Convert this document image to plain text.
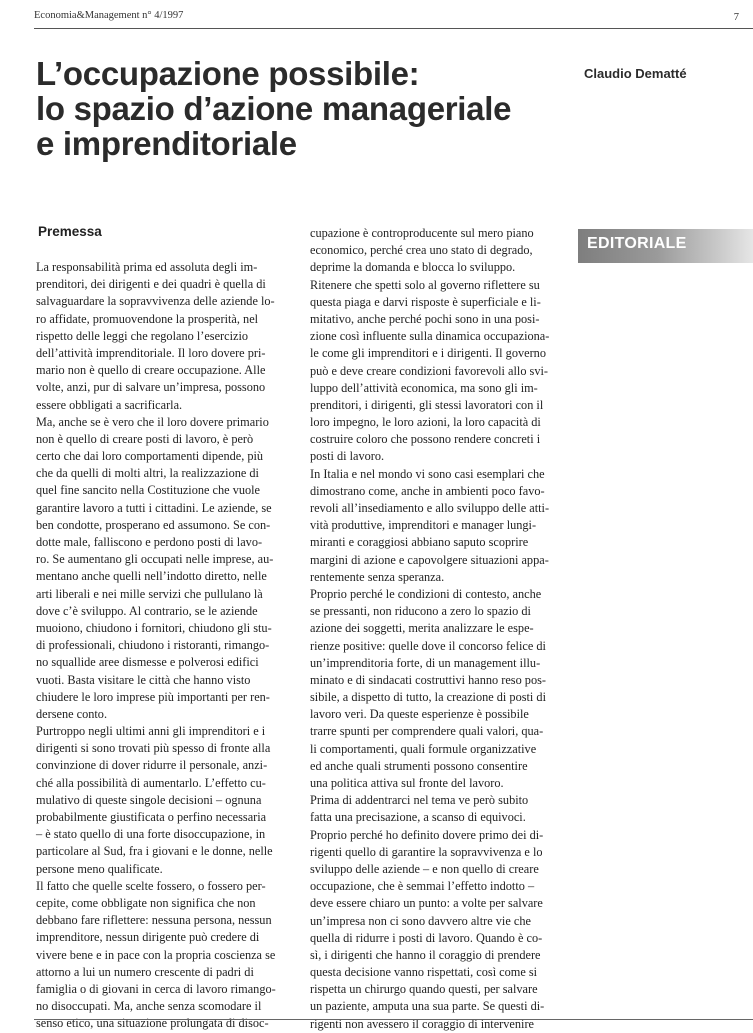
Economia&Management n° 4/1997	7
L’occupazione possibile:
lo spazio d’azione manageriale
e imprenditoriale
Claudio Dematté
EDITORIALE
Premessa
La responsabilità prima ed assoluta degli im-
prenditori, dei dirigenti e dei quadri è quella di
salvaguardare la sopravvivenza delle aziende lo-
ro affidate, promuovendone la prosperità, nel
rispetto delle leggi che regolano l’esercizio
dell’attività imprenditoriale. Il loro dovere pri-
mario non è quello di creare occupazione. Alle
volte, anzi, pur di salvare un’impresa, possono
essere obbligati a sacrificarla.
Ma, anche se è vero che il loro dovere primario
non è quello di creare posti di lavoro, è però
certo che dai loro comportamenti dipende, più
che da quelli di molti altri, la realizzazione di
quel fine sancito nella Costituzione che vuole
garantire lavoro a tutti i cittadini. Le aziende, se
ben condotte, prosperano ed assumono. Se con-
dotte male, falliscono e perdono posti di lavo-
ro. Se aumentano gli occupati nelle imprese, au-
mentano anche quelli nell’indotto diretto, nelle
arti liberali e nei mille servizi che pullulano là
dove c’è sviluppo. Al contrario, se le aziende
muoiono, chiudono i fornitori, chiudono gli stu-
di professionali, chiudono i ristoranti, rimango-
no squallide aree dismesse e polverosi edifici
vuoti. Basta visitare le città che hanno visto
chiudere le loro imprese più importanti per ren-
dersene conto.
Purtroppo negli ultimi anni gli imprenditori e i
dirigenti si sono trovati più spesso di fronte alla
convinzione di dover ridurre il personale, anzi-
ché alla possibilità di aumentarlo. L’effetto cu-
mulativo di queste singole decisioni – ognuna
probabilmente giustificata o perfino necessaria
– è stato quello di una forte disoccupazione, in
particolare al Sud, fra i giovani e le donne, nelle
persone meno qualificate.
Il fatto che quelle scelte fossero, o fossero per-
cepite, come obbligate non significa che non
debbano fare riflettere: nessuna persona, nessun
imprenditore, nessun dirigente può credere di
vivere bene e in pace con la propria coscienza se
attorno a lui un numero crescente di padri di
famiglia o di giovani in cerca di lavoro rimango-
no disoccupati. Ma, anche senza scomodare il
senso etico, una situazione prolungata di disoc-
cupazione è controproducente sul mero piano
economico, perché crea uno stato di degrado,
deprime la domanda e blocca lo sviluppo.
Ritenere che spetti solo al governo riflettere su
questa piaga e darvi risposte è superficiale e li-
mitativo, anche perché pochi sono in una posi-
zione così influente sulla dinamica occupaziona-
le come gli imprenditori e i dirigenti. Il governo
può e deve creare condizioni favorevoli allo svi-
luppo dell’attività economica, ma sono gli im-
prenditori, i dirigenti, gli stessi lavoratori con il
loro impegno, le loro azioni, la loro capacità di
costruire coloro che possono rendere concreti i
posti di lavoro.
In Italia e nel mondo vi sono casi esemplari che
dimostrano come, anche in ambienti poco favo-
revoli all’insediamento e allo sviluppo delle atti-
vità produttive, imprenditori e manager lungi-
miranti e coraggiosi abbiano saputo scoprire
margini di azione e capovolgere situazioni appa-
rentemente senza speranza.
Proprio perché le condizioni di contesto, anche
se pressanti, non riducono a zero lo spazio di
azione dei soggetti, merita analizzare le espe-
rienze positive: quelle dove il concorso felice di
un’imprenditoria forte, di un management illu-
minato e di sindacati costruttivi hanno reso pos-
sibile, a dispetto di tutto, la creazione di posti di
lavoro veri. Da queste esperienze è possibile
trarre spunti per comprendere quali valori, qua-
li comportamenti, quali formule organizzative
ed anche quali strumenti possono consentire
una politica attiva sul fronte del lavoro.
Prima di addentrarci nel tema ve però subito
fatta una precisazione, a scanso di equivoci.
Proprio perché ho definito dovere primo dei di-
rigenti quello di garantire la sopravvivenza e lo
sviluppo delle aziende – e non quello di creare
occupazione, che è semmai l’effetto indotto –
deve essere chiaro un punto: a volte per salvare
un’impresa non ci sono davvero altre vie che
quella di ridurre i posti di lavoro. Quando è co-
sì, i dirigenti che hanno il coraggio di prendere
questa decisione vanno rispettati, così come si
rispetta un chirurgo quando questi, per salvare
un paziente, amputa una sua parte. Se questi di-
rigenti non avessero il coraggio di intervenire
